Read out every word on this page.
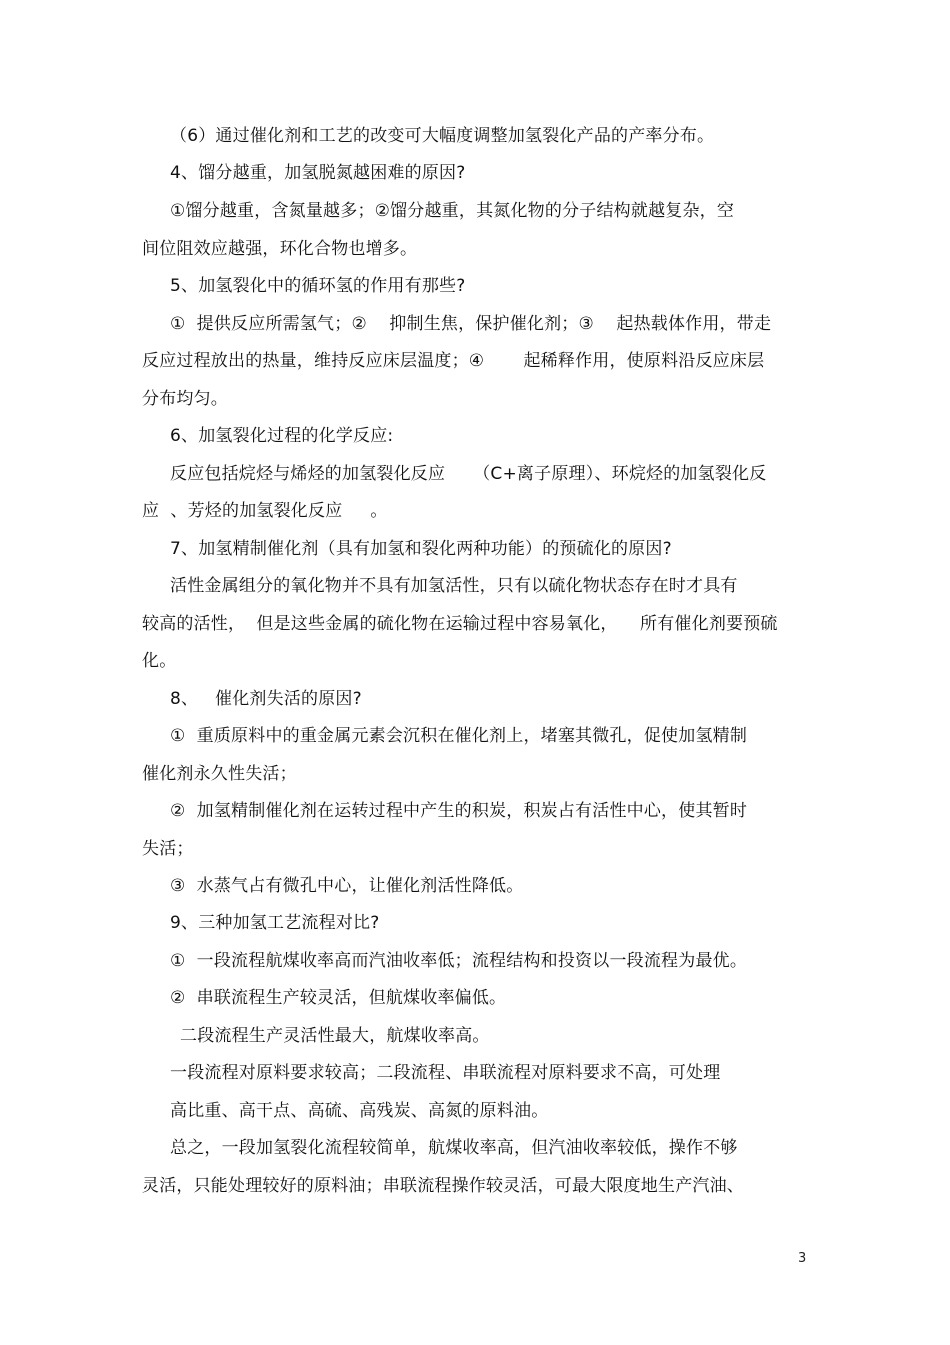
（6）通过催化剂和工艺的改变可大幅度调整加氢裂化产品的产率分布。
4、馏分越重，加氢脱氮越困难的原因?
①馏分越重，含氮量越多；②馏分越重，其氮化物的分子结构就越复杂，空
间位阻效应越强，环化合物也增多。
5、加氢裂化中的循环氢的作用有那些?
①  提供反应所需氢气；②    抑制生焦，保护催化剂；③    起热载体作用，带走
反应过程放出的热量，维持反应床层温度；④       起稀释作用，使原料沿反应床层
分布均匀。
6、加氢裂化过程的化学反应:
反应包括烷烃与烯烃的加氢裂化反应     （C+离子原理）、环烷烃的加氢裂化反
应  、芳烃的加氢裂化反应     。
7、加氢精制催化剂（具有加氢和裂化两种功能）的预硫化的原因?
活性金属组分的氧化物并不具有加氢活性，只有以硫化物状态存在时才具有
较高的活性，  但是这些金属的硫化物在运输过程中容易氧化，    所有催化剂要预硫
化。
8、   催化剂失活的原因?
①  重质原料中的重金属元素会沉积在催化剂上，堵塞其微孔，促使加氢精制
催化剂永久性失活；
②  加氢精制催化剂在运转过程中产生的积炭，积炭占有活性中心，使其暂时
失活；
③  水蒸气占有微孔中心，让催化剂活性降低。
9、三种加氢工艺流程对比?
①  一段流程航煤收率高而汽油收率低；流程结构和投资以一段流程为最优。
②  串联流程生产较灵活，但航煤收率偏低。
二段流程生产灵活性最大，航煤收率高。
一段流程对原料要求较高；二段流程、串联流程对原料要求不高，可处理
高比重、高干点、高硫、高残炭、高氮的原料油。
总之，一段加氢裂化流程较简单，航煤收率高，但汽油收率较低，操作不够
灵活，只能处理较好的原料油；串联流程操作较灵活，可最大限度地生产汽油、
3
